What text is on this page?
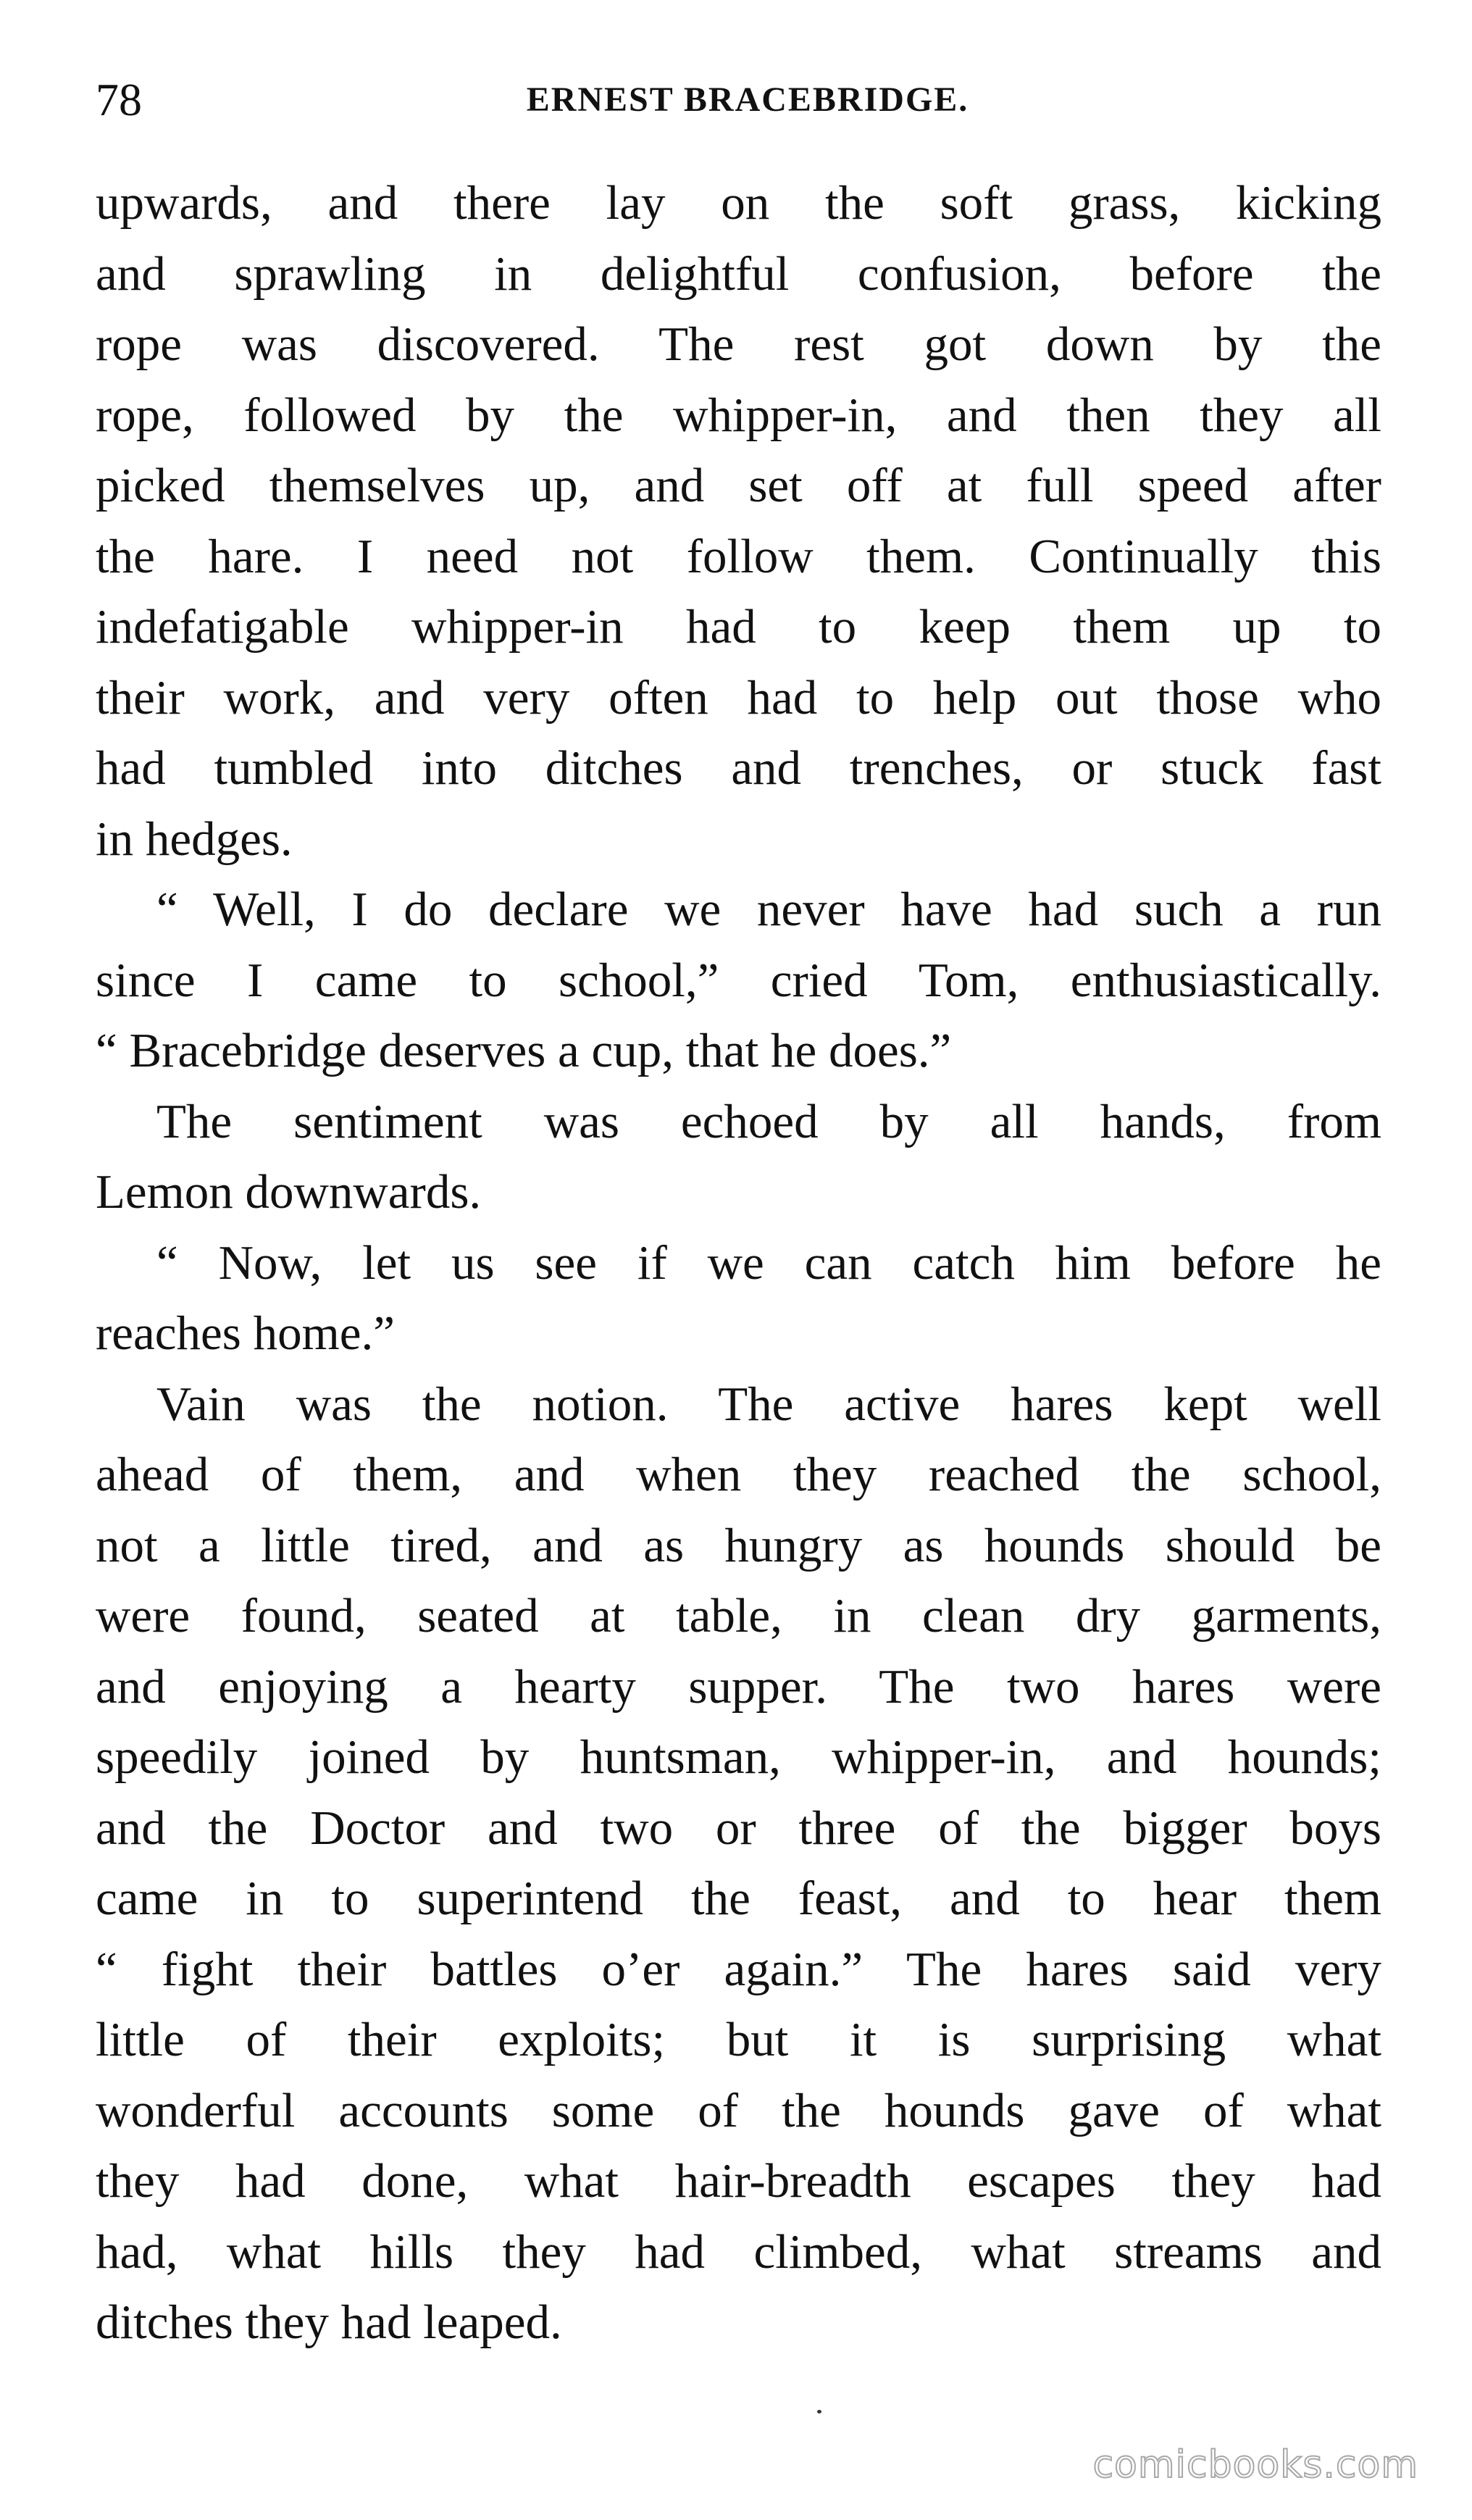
78	ERNEST BRACEBRIDGE.
upwards, and there lay on the soft grass, kicking
and sprawling in delightful confusion, before the
rope was discovered. The rest got down by the
rope, followed by the whipper-in, and then they all
picked themselves up, and set off at full speed after
the hare. I need not follow them. Continually this
indefatigable whipper-in had to keep them up to
their work, and very often had to help out those who
had tumbled into ditches and trenches, or stuck fast
in hedges.
“ Well, I do declare we never have had such a run
since I came to school,” cried Tom, enthusiastically.
“ Bracebridge deserves a cup, that he does.”
The sentiment was echoed by all hands, from
Lemon downwards.
“ Now, let us see if we can catch him before he
reaches home.”
Vain was the notion. The active hares kept well
ahead of them, and when they reached the school,
not a little tired, and as hungry as hounds should be
were found, seated at table, in clean dry garments,
and enjoying a hearty supper. The two hares were
speedily joined by huntsman, whipper-in, and hounds;
and the Doctor and two or three of the bigger boys
came in to superintend the feast, and to hear them
“ fight their battles o’er again.” The hares said very
little of their exploits; but it is surprising what
wonderful accounts some of the hounds gave of what
they had done, what hair-breadth escapes they had
had, what hills they had climbed, what streams and
ditches they had leaped.
comicbooks.com
